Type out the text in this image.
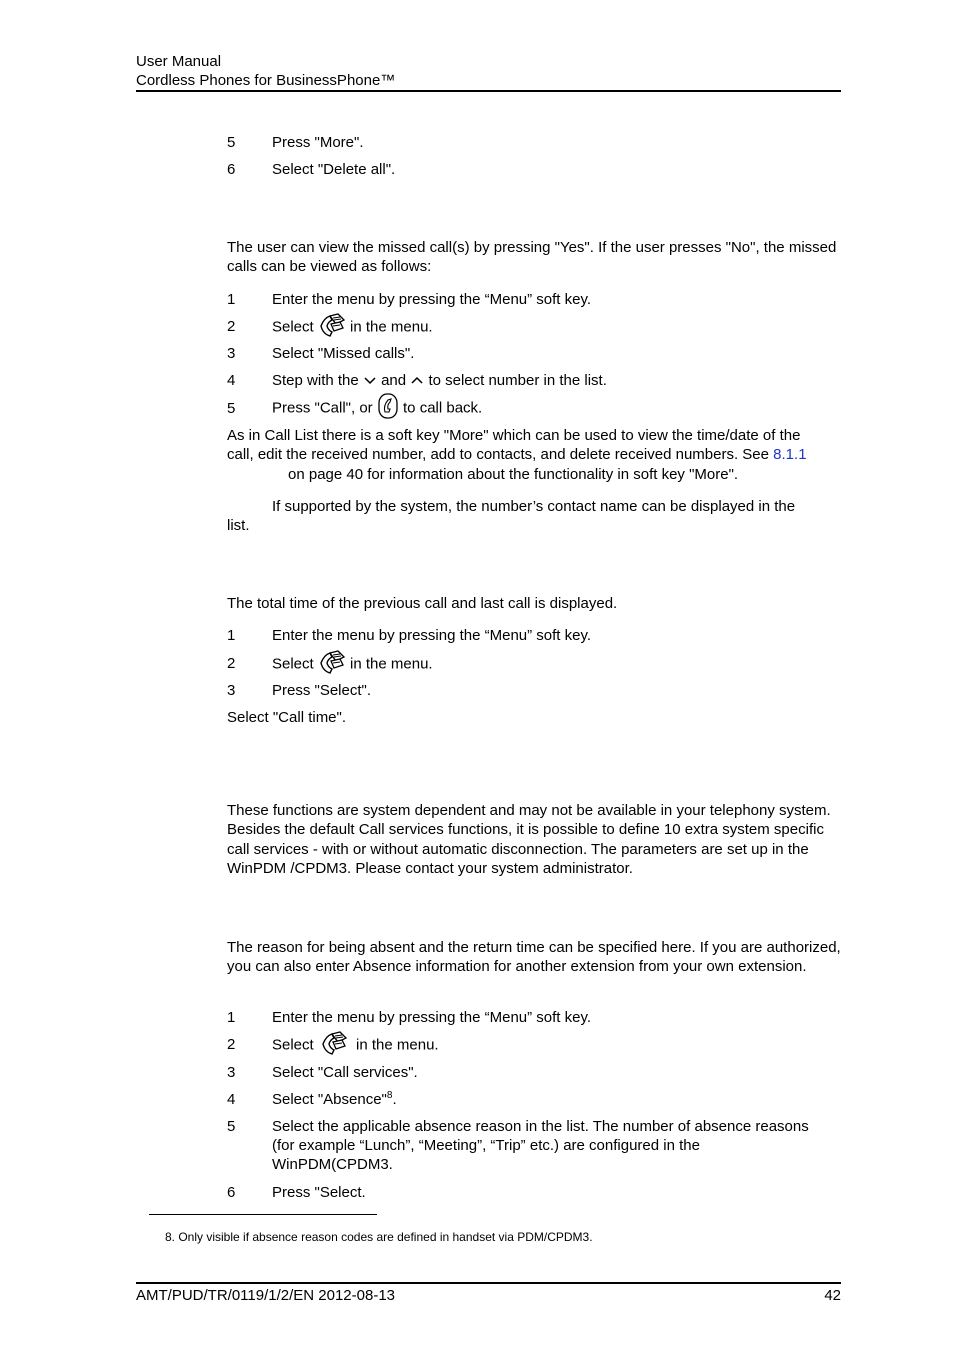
User Manual
Cordless Phones for BusinessPhone™
5 Press "More".
6 Select "Delete all".
The user can view the missed call(s) by pressing "Yes". If the user presses "No", the missed calls can be viewed as follows:
1 Enter the menu by pressing the “Menu” soft key.
2 Select in the menu.
3 Select "Missed calls".
4 Step with the and to select number in the list.
5 Press "Call", or to call back.
As in Call List there is a soft key "More" which can be used to view the time/date of the
call, edit the received number, add to contacts, and delete received numbers. See 8.1.1
on page 40 for information about the functionality in soft key "More".
If supported by the system, the number’s contact name can be displayed in the
list.
The total time of the previous call and last call is displayed.
1 Enter the menu by pressing the “Menu” soft key.
2 Select in the menu.
3 Press "Select".
Select "Call time".
These functions are system dependent and may not be available in your telephony system. Besides the default Call services functions, it is possible to define 10 extra system specific call services - with or without automatic disconnection. The parameters are set up in the WinPDM /CPDM3. Please contact your system administrator.
The reason for being absent and the return time can be specified here. If you are authorized, you can also enter Absence information for another extension from your own extension.
1 Enter the menu by pressing the “Menu” soft key.
2 Select	in the menu.
3 Select "Call services".
4 Select "Absence"$^8$.
5 Select the applicable absence reason in the list. The number of absence reasons (for example “Lunch”, “Meeting”, “Trip” etc.) are configured in the WinPDM(CPDM3.
6 Press "Select.
8. Only visible if absence reason codes are defined in handset via PDM/CPDM3.
AMT/PUD/TR/0119/1/2/EN 2012-08-13	42
